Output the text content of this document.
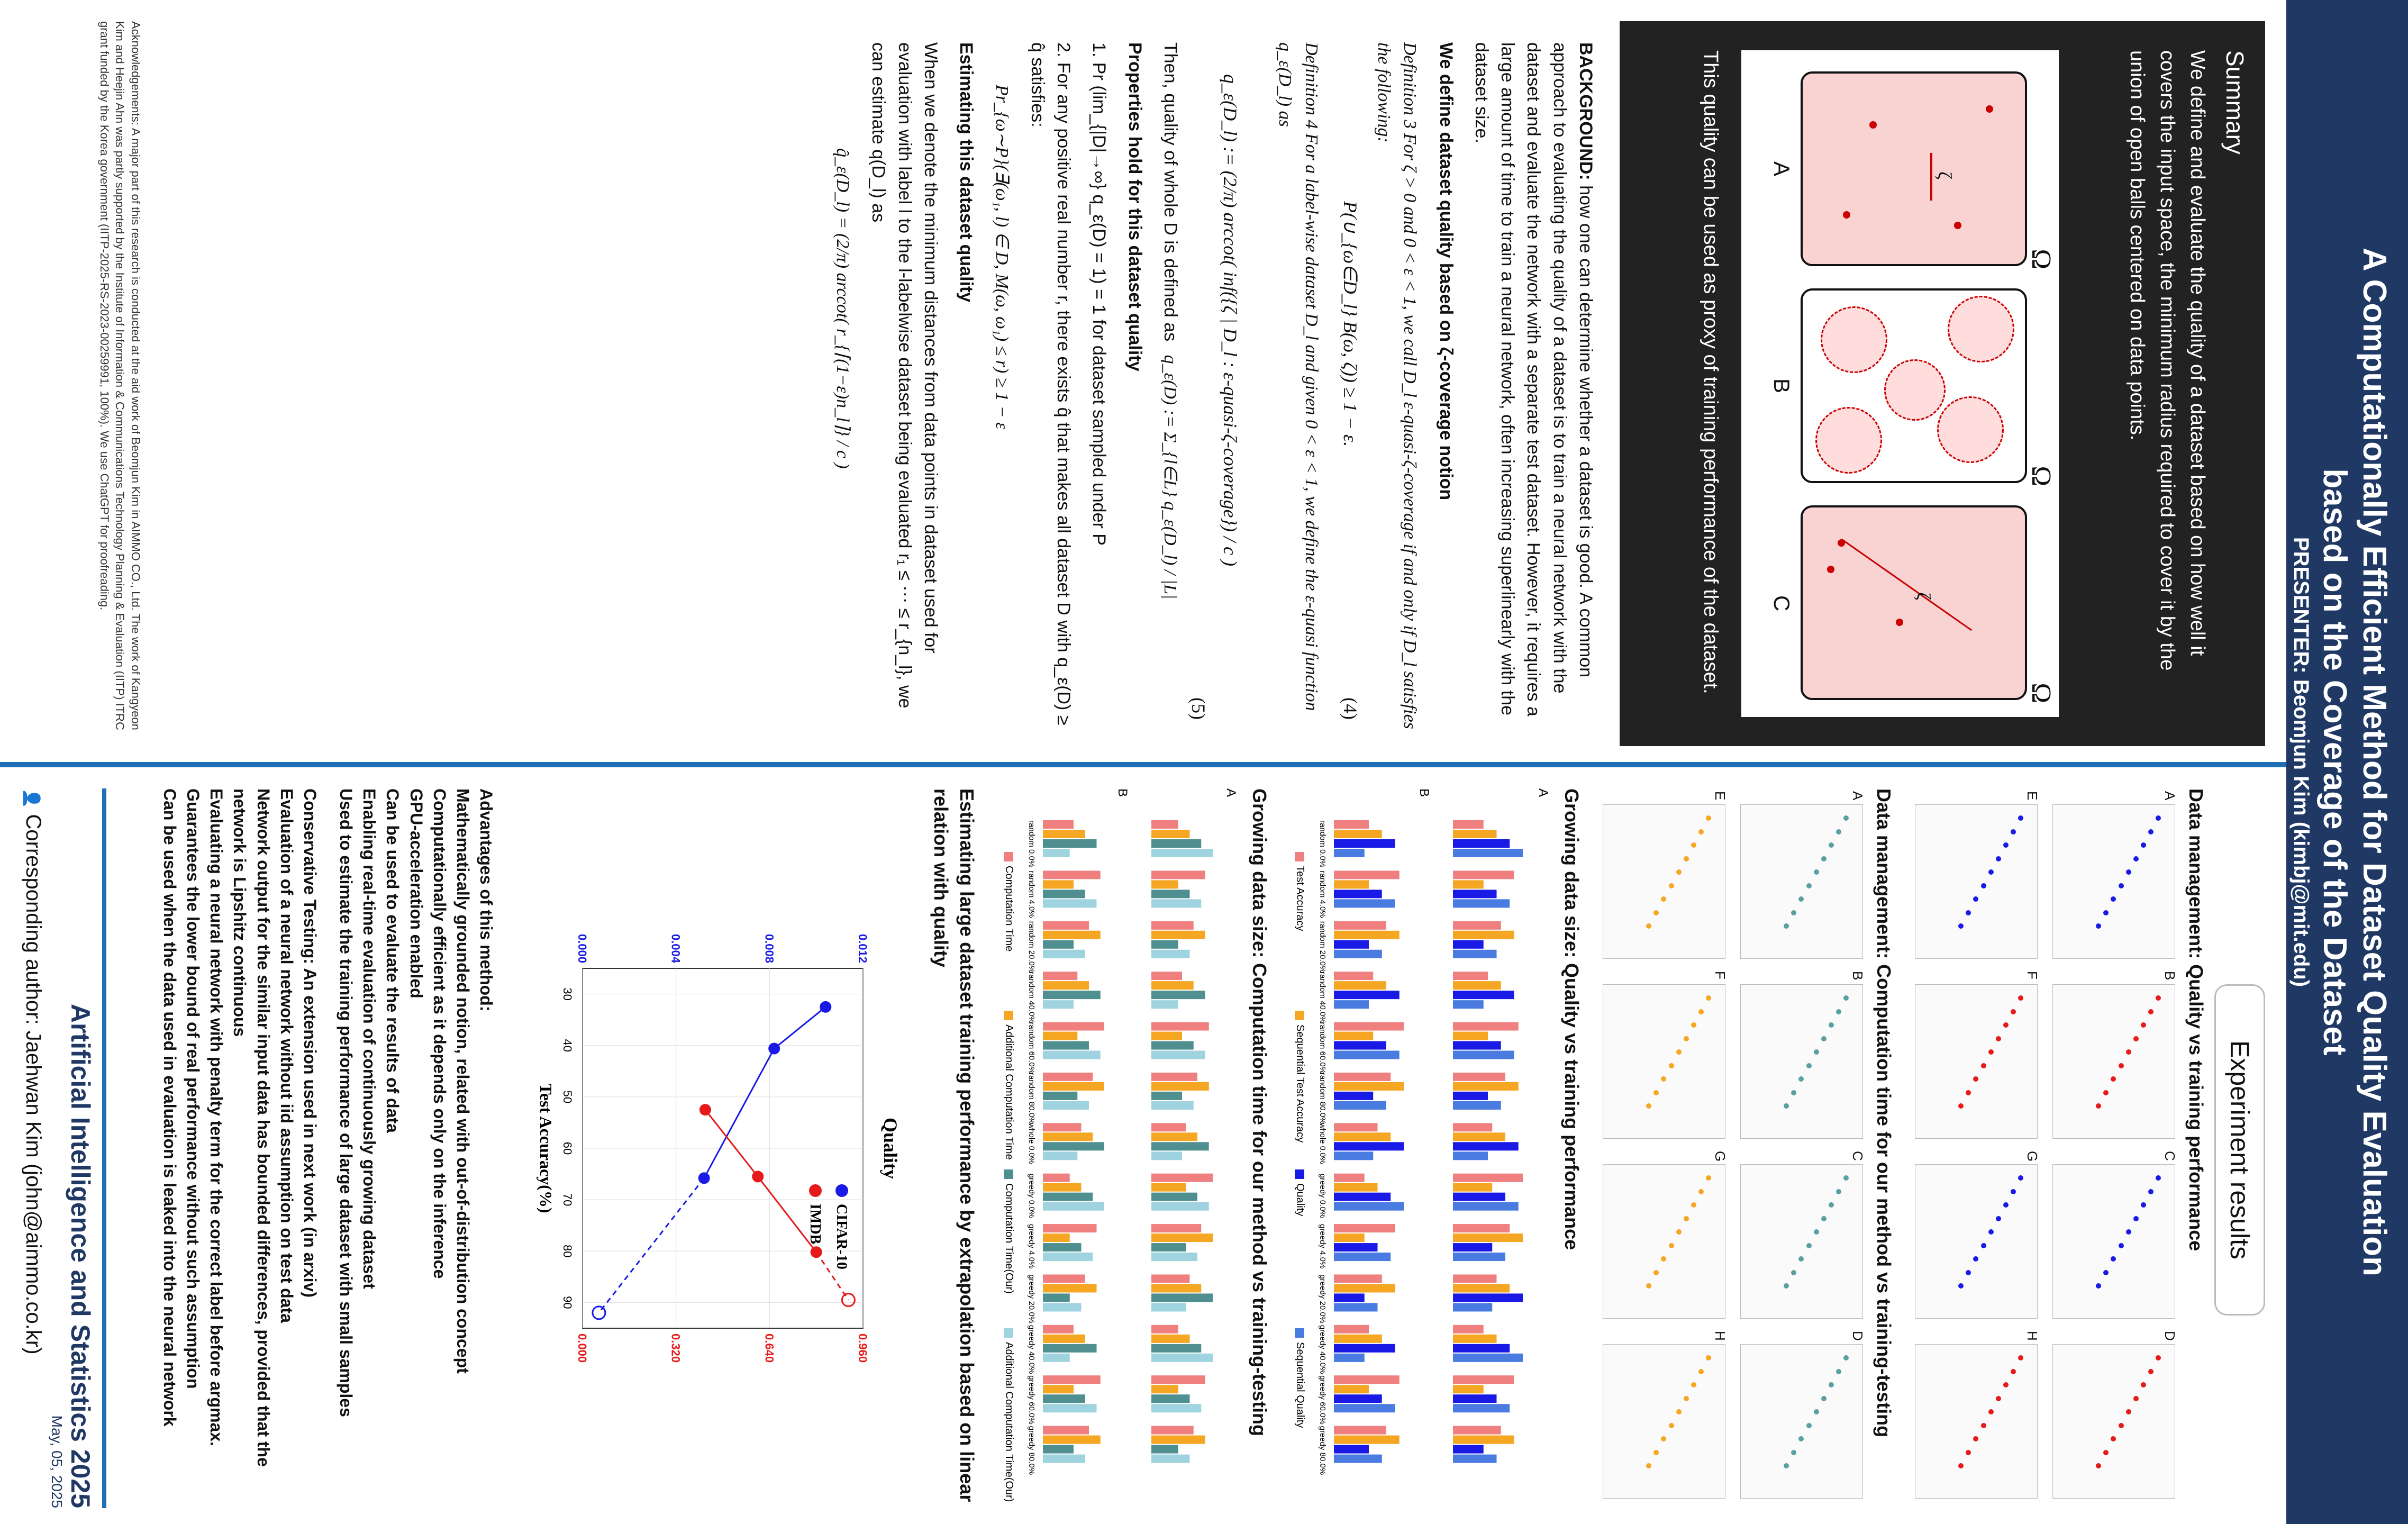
A Computationally Efficient Method for Dataset Quality Evaluation
based on the Coverage of the Dataset
PRESENTER: Beomjun Kim (kimbj@mit.edu)
Summary
We define and evaluate the quality of a dataset based on how well it covers the input space, the minimum radius required to cover it by the union of open balls centered on data points.
ζ
Ω
A
Ω
B
ζ
Ω
C
This quality can be used as proxy of training performance of the dataset.

BACKGROUND: how one can determine whether a dataset is good. A common approach to evaluating the quality of a dataset is to train a neural network with the dataset and evaluate the network with a separate test dataset. However, it requires a large amount of time to train a neural network, often increasing superlinearly with the dataset size.

We define dataset quality based on ζ-coverage notion

Definition 3 For ζ > 0 and 0 < ε < 1, we call D_l ε-quasi-ζ-coverage if and only if D_l satisfies the following:

P(∪_{ω∈D_l} B(ω, ζ)) ≥ 1 − ε.
(4)

Definition 4 For a label-wise dataset D_l and given 0 < ε < 1, we define the ε-quasi function q_ε(D_l) as

q_ε(D_l) := (2/π) arccot( inf({ζ | D_l : ε-quasi-ζ-coverage}) / c )
(5)

Then, quality of whole D is defined as q_ε(D) := Σ_{l∈L} q_ε(D_l) / |L|

Properties hold for this dataset quality

1. Pr (lim_{|D|→∞} q_ε(D) = 1) = 1 for dataset sampled under P

2. For any positive real number r, there exists q̂ that makes all dataset D with q_ε(D) ≥ q̂ satisfies:

Pr_{ω∼P}(∃(ω₁, l) ∈ D, M(ω, ω₁) ≤ r) ≥ 1 − ε

Estimating this dataset quality

When we denote the minimum distances from data points in dataset used for evaluation with label l to the l-labelwise dataset being evaluated r₁ ≤ ⋯ ≤ r_{n_l}, we can estimate q(D_l) as

q̂_ε(D_l) = (2/π) arccot( r_{⌈(1−ε)n_l⌉} / c )

Acknowledgements: A major part of this research is conducted at the aid work of Beomjun Kim in AIMMO CO., Ltd. The work of Kangyeon Kim and Heejin Ahn was partly supported by the Institute of Information & Communications Technology Planning & Evaluation (IITP) ITRC grant funded by the Korea government (IITP-2025-RS-2023-00259991, 100%). We use ChatGPT for proofreading.
Experiment results
Data management: Quality vs training performance
A
B
C
D
E
F
G
H
Data management: Computation time for our method vs training-testing
A
B
C
D
E
F
G
H
Growing data size: Quality vs training performance
A
B
random 0.0%
random 4.0%
random 20.0%
random 40.0%
random 60.0%
random 80.0%
whole 0.0%
greedy 0.0%
greedy 4.0%
greedy 20.0%
greedy 40.0%
greedy 60.0%
greedy 80.0%
Test Accuracy
Sequential Test Accuracy
Quality
Sequential Quality
Growing data size: Computation time for our method vs training-testing
A
B
random 0.0%
random 4.0%
random 20.0%
random 40.0%
random 60.0%
random 80.0%
whole 0.0%
greedy 0.0%
greedy 4.0%
greedy 20.0%
greedy 40.0%
greedy 60.0%
greedy 80.0%
Computation Time
Additional Computation Time
Computation Time(Our)
Additional Computation Time(Our)
Estimating large dataset training performance by extrapolation based on linear relation with quality
Quality
Test Accuracy(%)
30
40
50
60
70
80
90
0.000	0.004	0.008	0.012
0.000	0.320	0.640	0.960
CIFAR-10
IMDB
Advantages of this method:
Mathematically grounded notion, related with out-of-distribution concept
Computationally efficient as it depends only on the inference
GPU-acceleration enabled
Can be used to evaluate the results of data
Enabling real-time evaluation of continuously growing dataset
Used to estimate the training performance of large dataset with small samples
Conservative Testing: An extension used in next work (in arxiv)
Evaluation of a neural network without iid assumption on test data
Network output for the similar input data has bounded differences, provided that the network is Lipshitz continuous
Evaluating a neural network with penalty term for the correct label before argmax.
Guarantees the lower bound of real performance without such assumption
Can be used when the data used in evaluation is leaked into the neural network
Artificial Intelligence and Statistics 2025
May, 05, 2025
👤 Corresponding author: Jaehwan Kim (john@aimmo.co.kr)
